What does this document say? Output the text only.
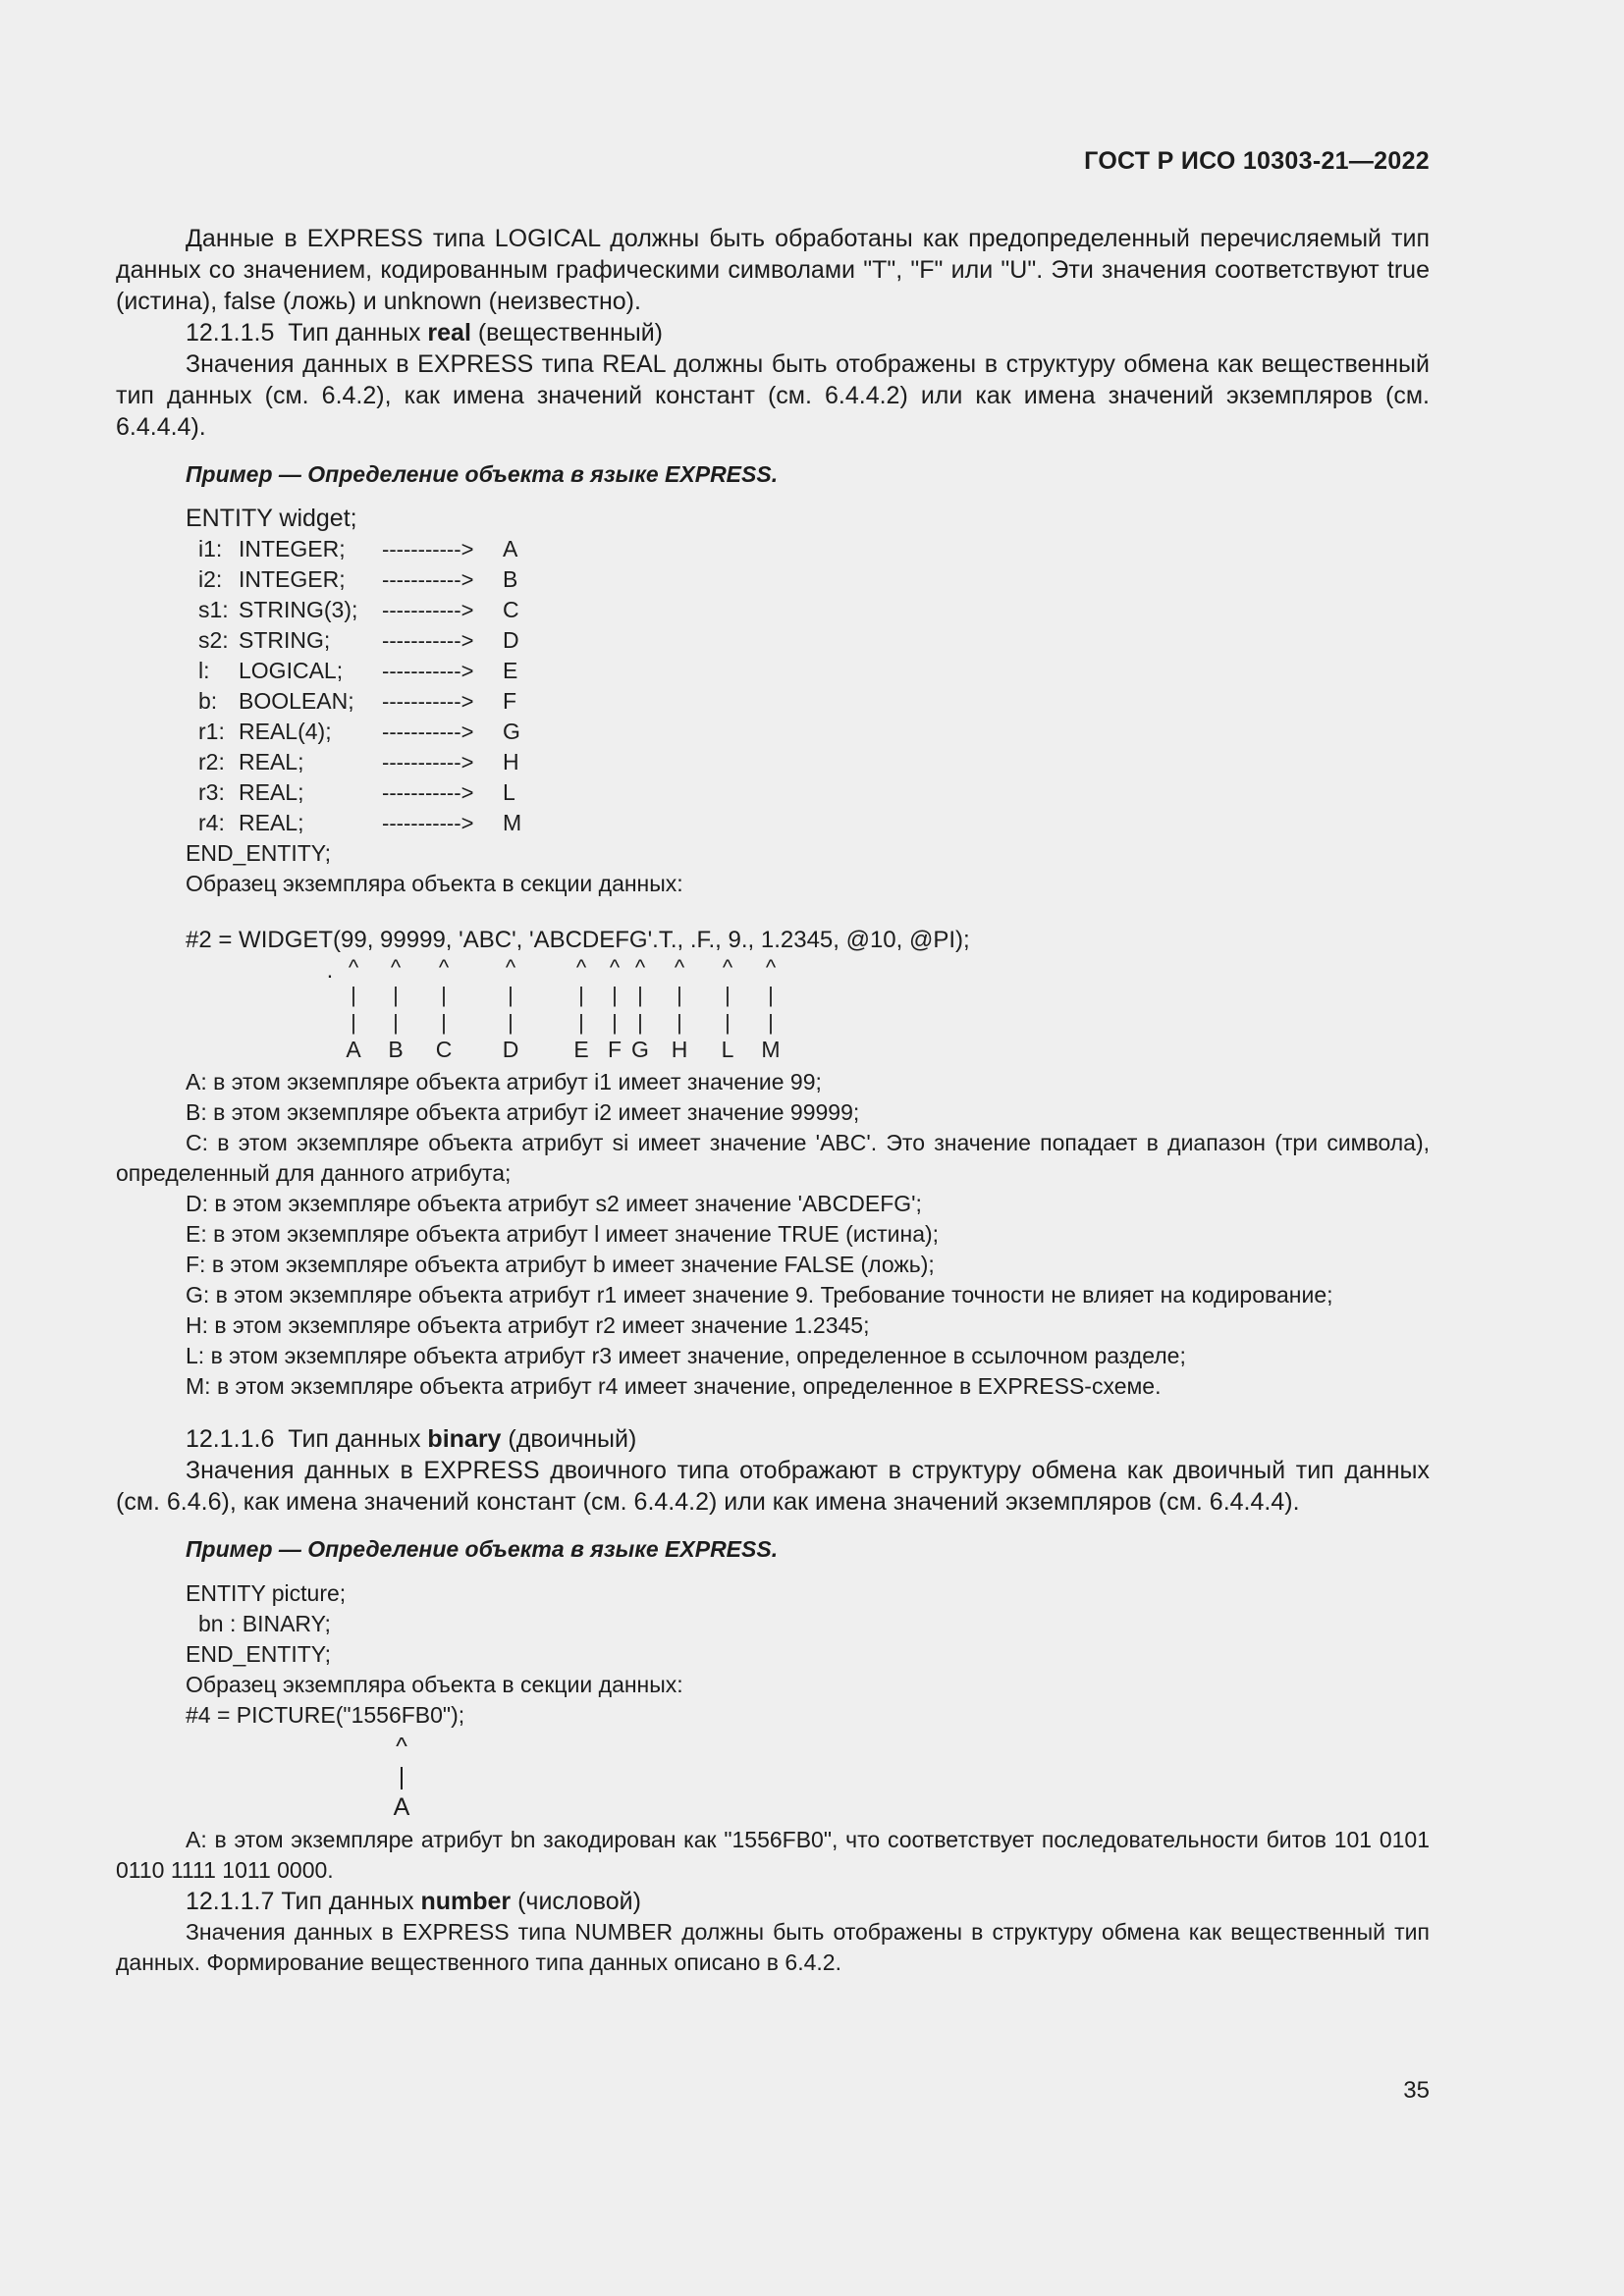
ГОСТ Р ИСО 10303-21—2022

Данные в EXPRESS типа LOGICAL должны быть обработаны как предопределенный перечисляемый тип данных со значением, кодированным графическими символами "T", "F" или "U". Эти значения соответствуют true (истина), false (ложь) и unknown (неизвестно).

12.1.1.5 Тип данных real (вещественный)

Значения данных в EXPRESS типа REAL должны быть отображены в структуру обмена как вещественный тип данных (см. 6.4.2), как имена значений констант (см. 6.4.4.2) или как имена значений экземпляров (см. 6.4.4.4).

Пример — Определение объекта в языке EXPRESS.
ENTITY widget;
i1: INTEGER; -----------> A
i2: INTEGER; -----------> B
s1: STRING(3); -----------> C
s2: STRING; -----------> D
l: LOGICAL; -----------> E
b: BOOLEAN; -----------> F
r1: REAL(4); -----------> G
r2: REAL;	-----------> H
r3: REAL;	-----------> L
r4: REAL;	-----------> M
END_ENTITY;
Образец экземпляра объекта в секции данных:
#2 = WIDGET(99, 99999, 'ABC', 'ABCDEFG'.T., .F., 9., 1.2345, @10, @PI);
. ^
|
|
A
^
|
|
B
^
|
|
C
^
|
|
D
^
|
|
E
^
|
|
F
^
|
|
G
^
|
|
H
^
|
|
L
^
|
|
M

A: в этом экземпляре объекта атрибут i1 имеет значение 99;

B: в этом экземпляре объекта атрибут i2 имеет значение 99999;

C: в этом экземпляре объекта атрибут si имеет значение 'ABC'. Это значение попадает в диапазон (три символа), определенный для данного атрибута;

D: в этом экземпляре объекта атрибут s2 имеет значение 'ABCDEFG';

E: в этом экземпляре объекта атрибут l имеет значение TRUE (истина);

F: в этом экземпляре объекта атрибут b имеет значение FALSE (ложь);

G: в этом экземпляре объекта атрибут r1 имеет значение 9. Требование точности не влияет на кодирование;

H: в этом экземпляре объекта атрибут r2 имеет значение 1.2345;

L: в этом экземпляре объекта атрибут r3 имеет значение, определенное в ссылочном разделе;

M: в этом экземпляре объекта атрибут r4 имеет значение, определенное в EXPRESS-схеме.

12.1.1.6 Тип данных binary (двоичный)

Значения данных в EXPRESS двоичного типа отображают в структуру обмена как двоичный тип данных (см. 6.4.6), как имена значений констант (см. 6.4.4.2) или как имена значений экземпляров (см. 6.4.4.4).

Пример — Определение объекта в языке EXPRESS.
ENTITY picture;
bn : BINARY;
END_ENTITY;
Образец экземпляра объекта в секции данных:
#4 = PICTURE("1556FB0");
^
|
A

A: в этом экземпляре атрибут bn закодирован как "1556FB0", что соответствует последовательности битов 101 0101 0110 1111 1011 0000.

12.1.1.7 Тип данных number (числовой)

Значения данных в EXPRESS типа NUMBER должны быть отображены в структуру обмена как вещественный тип данных. Формирование вещественного типа данных описано в 6.4.2.

35
